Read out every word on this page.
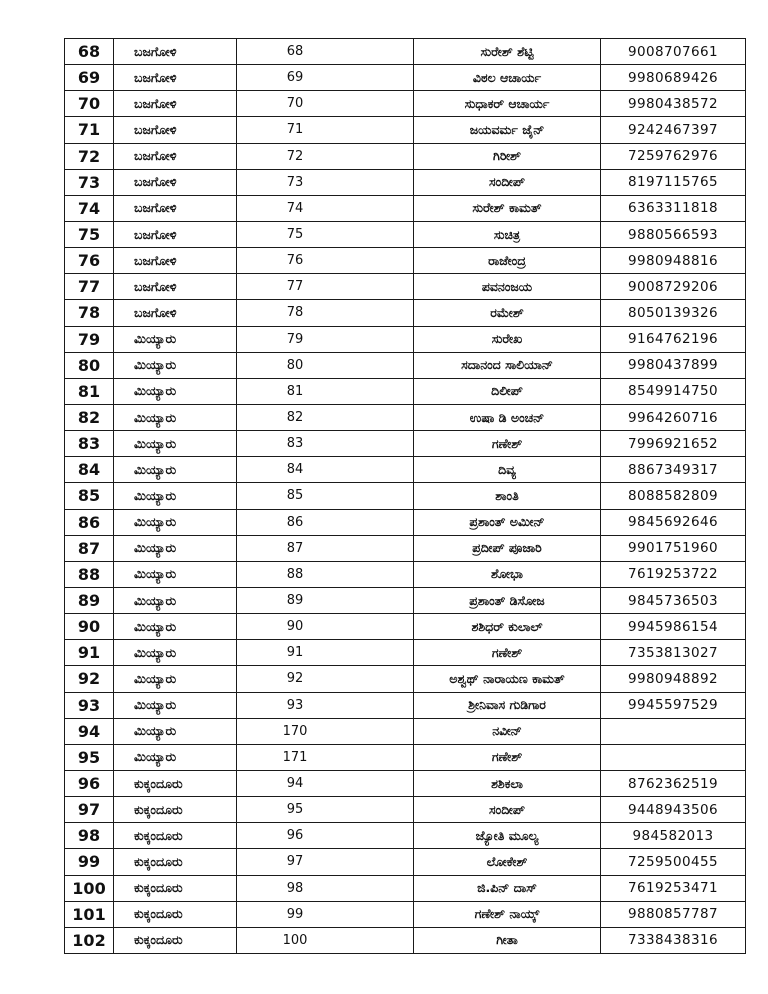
68	ಬಜಗೋಳಿ	68	ಸುರೇಶ್ ಶೆಟ್ಟಿ	9008707661
69	ಬಜಗೋಳಿ	69	ವಿಠಲ ಆಚಾರ್ಯ	9980689426
70	ಬಜಗೋಳಿ	70	ಸುಧಾಕರ್ ಆಚಾರ್ಯ	9980438572
71	ಬಜಗೋಳಿ	71	ಜಯವರ್ಮ ಜೈನ್	9242467397
72	ಬಜಗೋಳಿ	72	ಗಿರೀಶ್	7259762976
73	ಬಜಗೋಳಿ	73	ಸಂದೀಪ್	8197115765
74	ಬಜಗೋಳಿ	74	ಸುರೇಶ್ ಕಾಮತ್	6363311818
75	ಬಜಗೋಳಿ	75	ಸುಚಿತ್ರ	9880566593
76	ಬಜಗೋಳಿ	76	ರಾಜೇಂದ್ರ	9980948816
77	ಬಜಗೋಳಿ	77	ಪವನಂಜಯ	9008729206
78	ಬಜಗೋಳಿ	78	ರಮೇಶ್	8050139326
79	ಮಿಯ್ಯಾರು	79	ಸುರೇಖ	9164762196
80	ಮಿಯ್ಯಾರು	80	ಸದಾನಂದ ಸಾಲಿಯಾನ್	9980437899
81	ಮಿಯ್ಯಾರು	81	ದಿಲೀಪ್	8549914750
82	ಮಿಯ್ಯಾರು	82	ಉಷಾ ಡಿ ಅಂಚನ್	9964260716
83	ಮಿಯ್ಯಾರು	83	ಗಣೇಶ್	7996921652
84	ಮಿಯ್ಯಾರು	84	ದಿವ್ಯ	8867349317
85	ಮಿಯ್ಯಾರು	85	ಶಾಂತಿ	8088582809
86	ಮಿಯ್ಯಾರು	86	ಪ್ರಶಾಂತ್ ಅಮೀನ್	9845692646
87	ಮಿಯ್ಯಾರು	87	ಪ್ರದೀಪ್ ಪೂಜಾರಿ	9901751960
88	ಮಿಯ್ಯಾರು	88	ಶೋಭಾ	7619253722
89	ಮಿಯ್ಯಾರು	89	ಪ್ರಶಾಂತ್ ಡಿಸೋಜ	9845736503
90	ಮಿಯ್ಯಾರು	90	ಶಶಿಧರ್ ಕುಲಾಲ್	9945986154
91	ಮಿಯ್ಯಾರು	91	ಗಣೇಶ್	7353813027
92	ಮಿಯ್ಯಾರು	92	ಅಶ್ವಥ್ ನಾರಾಯಣ ಕಾಮತ್	9980948892
93	ಮಿಯ್ಯಾರು	93	ಶ್ರೀನಿವಾಸ ಗುಡಿಗಾರ	9945597529
94	ಮಿಯ್ಯಾರು	170	ನವೀನ್	
95	ಮಿಯ್ಯಾರು	171	ಗಣೇಶ್	
96	ಕುಕ್ಕಂದೂರು	94	ಶಶಿಕಲಾ	8762362519
97	ಕುಕ್ಕಂದೂರು	95	ಸಂದೀಪ್	9448943506
98	ಕುಕ್ಕಂದೂರು	96	ಜ್ಯೋತಿ ಮೂಲ್ಯ	984582013
99	ಕುಕ್ಕಂದೂರು	97	ಲೋಕೇಶ್	7259500455
100	ಕುಕ್ಕಂದೂರು	98	ಜಿ.ಪಿನ್ ದಾಸ್	7619253471
101	ಕುಕ್ಕಂದೂರು	99	ಗಣೇಶ್ ನಾಯ್ಕ್	9880857787
102	ಕುಕ್ಕಂದೂರು	100	ಗೀತಾ	7338438316
